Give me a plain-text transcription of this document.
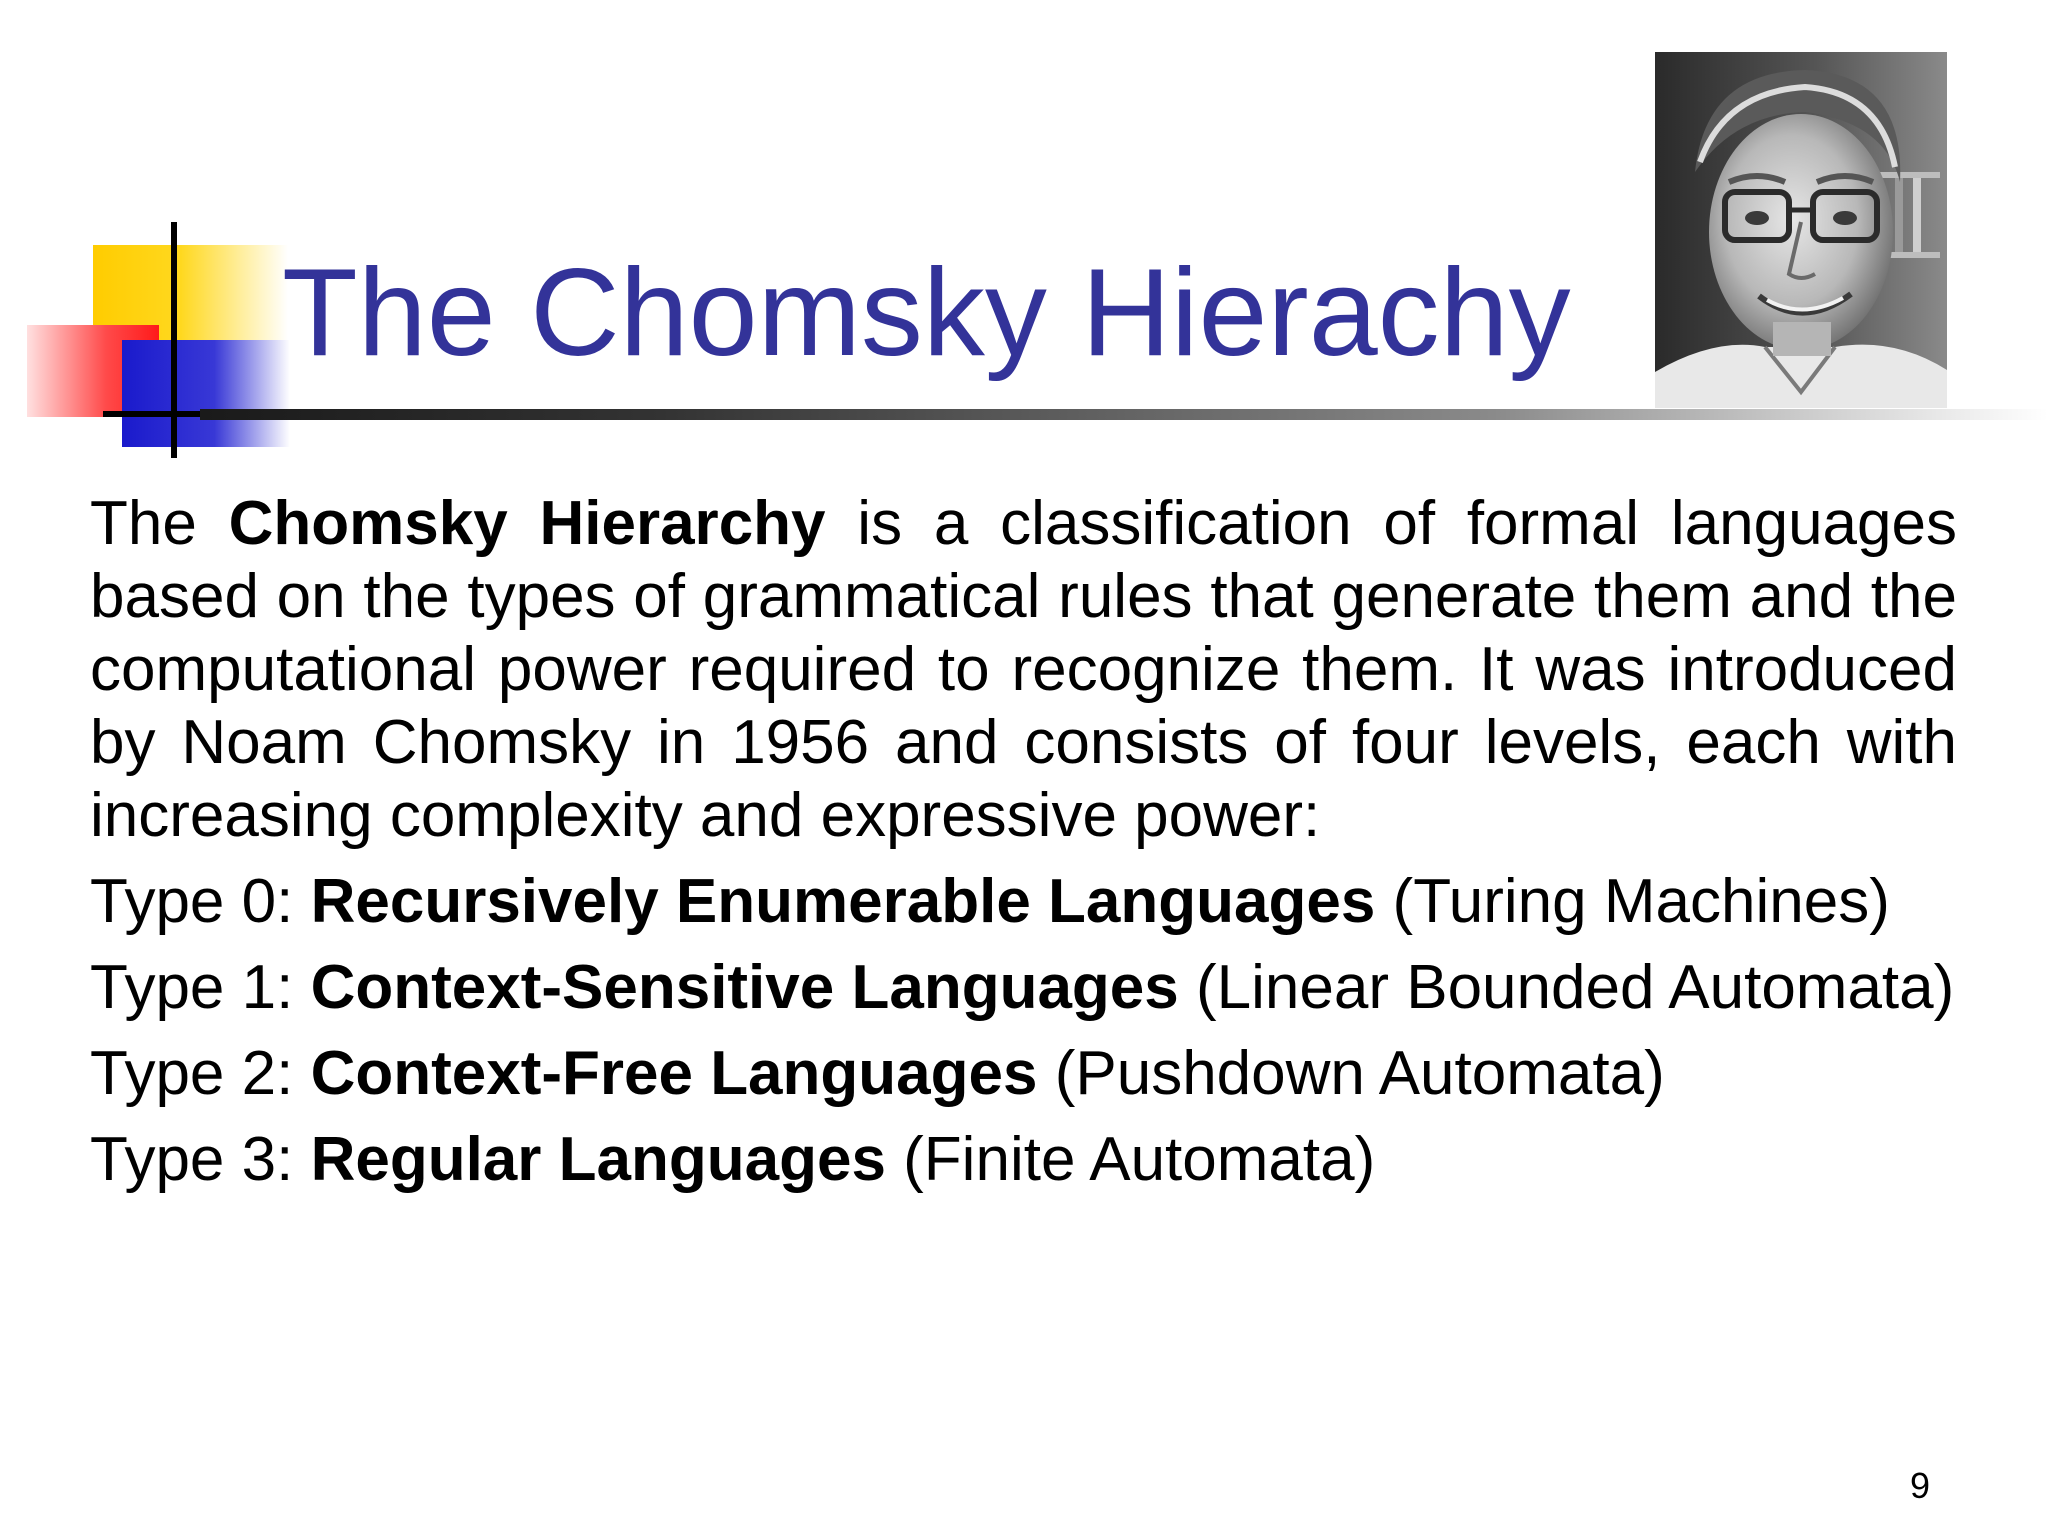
The Chomsky Hierachy

The Chomsky Hierarchy is a classification of formal languages based on the types of grammatical rules that generate them and the computational power required to recognize them. It was introduced by Noam Chomsky in 1956 and consists of four levels, each with increasing complexity and expressive power:

Type 0: Recursively Enumerable Languages (Turing Machines)

Type 1: Context-Sensitive Languages (Linear Bounded Automata)

Type 2: Context-Free Languages (Pushdown Automata)

Type 3: Regular Languages (Finite Automata)

9
